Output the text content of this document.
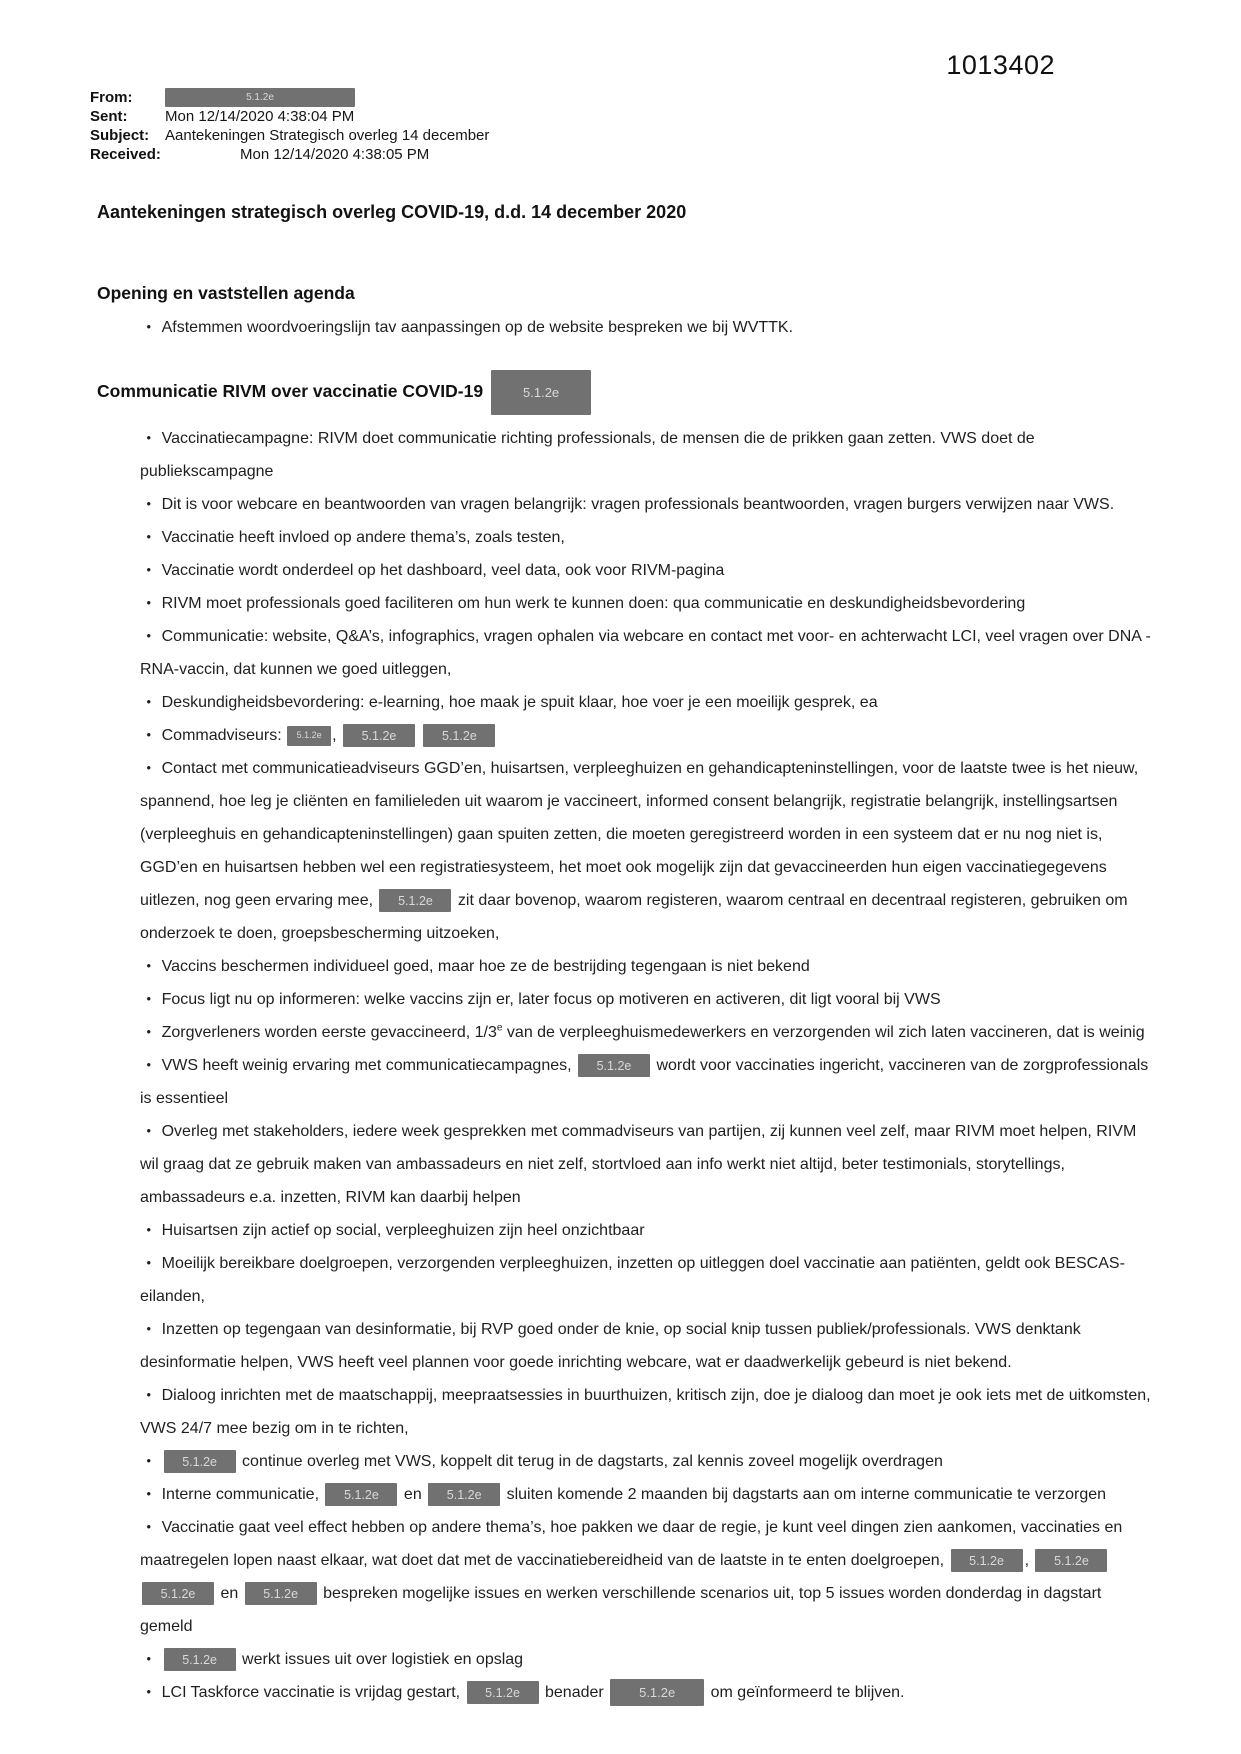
1013402
From:	5.1.2e
Sent:	Mon 12/14/2020 4:38:04 PM
Subject:	Aantekeningen Strategisch overleg 14 december
Received:	Mon 12/14/2020 4:38:05 PM
Aantekeningen strategisch overleg COVID-19, d.d. 14 december 2020
Opening en vaststellen agenda
• Afstemmen woordvoeringslijn tav aanpassingen op de website bespreken we bij WVTTK.
Communicatie RIVM over vaccinatie COVID-19	5.1.2e
• Vaccinatiecampagne: RIVM doet communicatie richting professionals, de mensen die de prikken gaan zetten. VWS doet de publiekscampagne
• Dit is voor webcare en beantwoorden van vragen belangrijk: vragen professionals beantwoorden, vragen burgers verwijzen naar VWS.
• Vaccinatie heeft invloed op andere thema’s, zoals testen,
• Vaccinatie wordt onderdeel op het dashboard, veel data, ook voor RIVM-pagina
• RIVM moet professionals goed faciliteren om hun werk te kunnen doen: qua communicatie en deskundigheidsbevordering
• Communicatie: website, Q&A’s, infographics, vragen ophalen via webcare en contact met voor- en achterwacht LCI, veel vragen over DNA - RNA-vaccin, dat kunnen we goed uitleggen,
• Deskundigheidsbevordering: e-learning, hoe maak je spuit klaar, hoe voer je een moeilijk gesprek, ea
• Commadviseurs: 5.1.2e , 5.1.2e	5.1.2e
• Contact met communicatieadviseurs GGD’en, huisartsen, verpleeghuizen en gehandicapteninstellingen, voor de laatste twee is het nieuw, spannend, hoe leg je cliënten en familieleden uit waarom je vaccineert, informed consent belangrijk, registratie belangrijk, instellingsartsen (verpleeghuis en gehandicapteninstellingen) gaan spuiten zetten, die moeten geregistreerd worden in een systeem dat er nu nog niet is, GGD’en en huisartsen hebben wel een registratiesysteem, het moet ook mogelijk zijn dat gevaccineerden hun eigen vaccinatiegegevens uitlezen, nog geen ervaring mee, 5.1.2e zit daar bovenop, waarom registeren, waarom centraal en decentraal registeren, gebruiken om onderzoek te doen, groepsbescherming uitzoeken,
• Vaccins beschermen individueel goed, maar hoe ze de bestrijding tegengaan is niet bekend
• Focus ligt nu op informeren: welke vaccins zijn er, later focus op motiveren en activeren, dit ligt vooral bij VWS
• Zorgverleners worden eerste gevaccineerd, 1/3e van de verpleeghuismedewerkers en verzorgenden wil zich laten vaccineren, dat is weinig
• VWS heeft weinig ervaring met communicatiecampagnes, 5.1.2e wordt voor vaccinaties ingericht, vaccineren van de zorgprofessionals is essentieel
• Overleg met stakeholders, iedere week gesprekken met commadviseurs van partijen, zij kunnen veel zelf, maar RIVM moet helpen, RIVM wil graag dat ze gebruik maken van ambassadeurs en niet zelf, stortvloed aan info werkt niet altijd, beter testimonials, storytellings, ambassadeurs e.a. inzetten, RIVM kan daarbij helpen
• Huisartsen zijn actief op social, verpleeghuizen zijn heel onzichtbaar
• Moeilijk bereikbare doelgroepen, verzorgenden verpleeghuizen, inzetten op uitleggen doel vaccinatie aan patiënten, geldt ook BESCAS-eilanden,
• Inzetten op tegengaan van desinformatie, bij RVP goed onder de knie, op social knip tussen publiek/professionals. VWS denktank desinformatie helpen, VWS heeft veel plannen voor goede inrichting webcare, wat er daadwerkelijk gebeurd is niet bekend.
• Dialoog inrichten met de maatschappij, meepraatsessies in buurthuizen, kritisch zijn, doe je dialoog dan moet je ook iets met de uitkomsten, VWS 24/7 mee bezig om in te richten,
• 5.1.2e continue overleg met VWS, koppelt dit terug in de dagstarts, zal kennis zoveel mogelijk overdragen
• Interne communicatie, 5.1.2e en 5.1.2e sluiten komende 2 maanden bij dagstarts aan om interne communicatie te verzorgen
• Vaccinatie gaat veel effect hebben op andere thema’s, hoe pakken we daar de regie, je kunt veel dingen zien aankomen, vaccinaties en maatregelen lopen naast elkaar, wat doet dat met de vaccinatiebereidheid van de laatste in te enten doelgroepen, 5.1.2e , 5.1.2e 5.1.2e en 5.1.2e bespreken mogelijke issues en werken verschillende scenarios uit, top 5 issues worden donderdag in dagstart gemeld
• 5.1.2e werkt issues uit over logistiek en opslag
• LCI Taskforce vaccinatie is vrijdag gestart, 5.1.2e benader 5.1.2e om geïnformeerd te blijven.
